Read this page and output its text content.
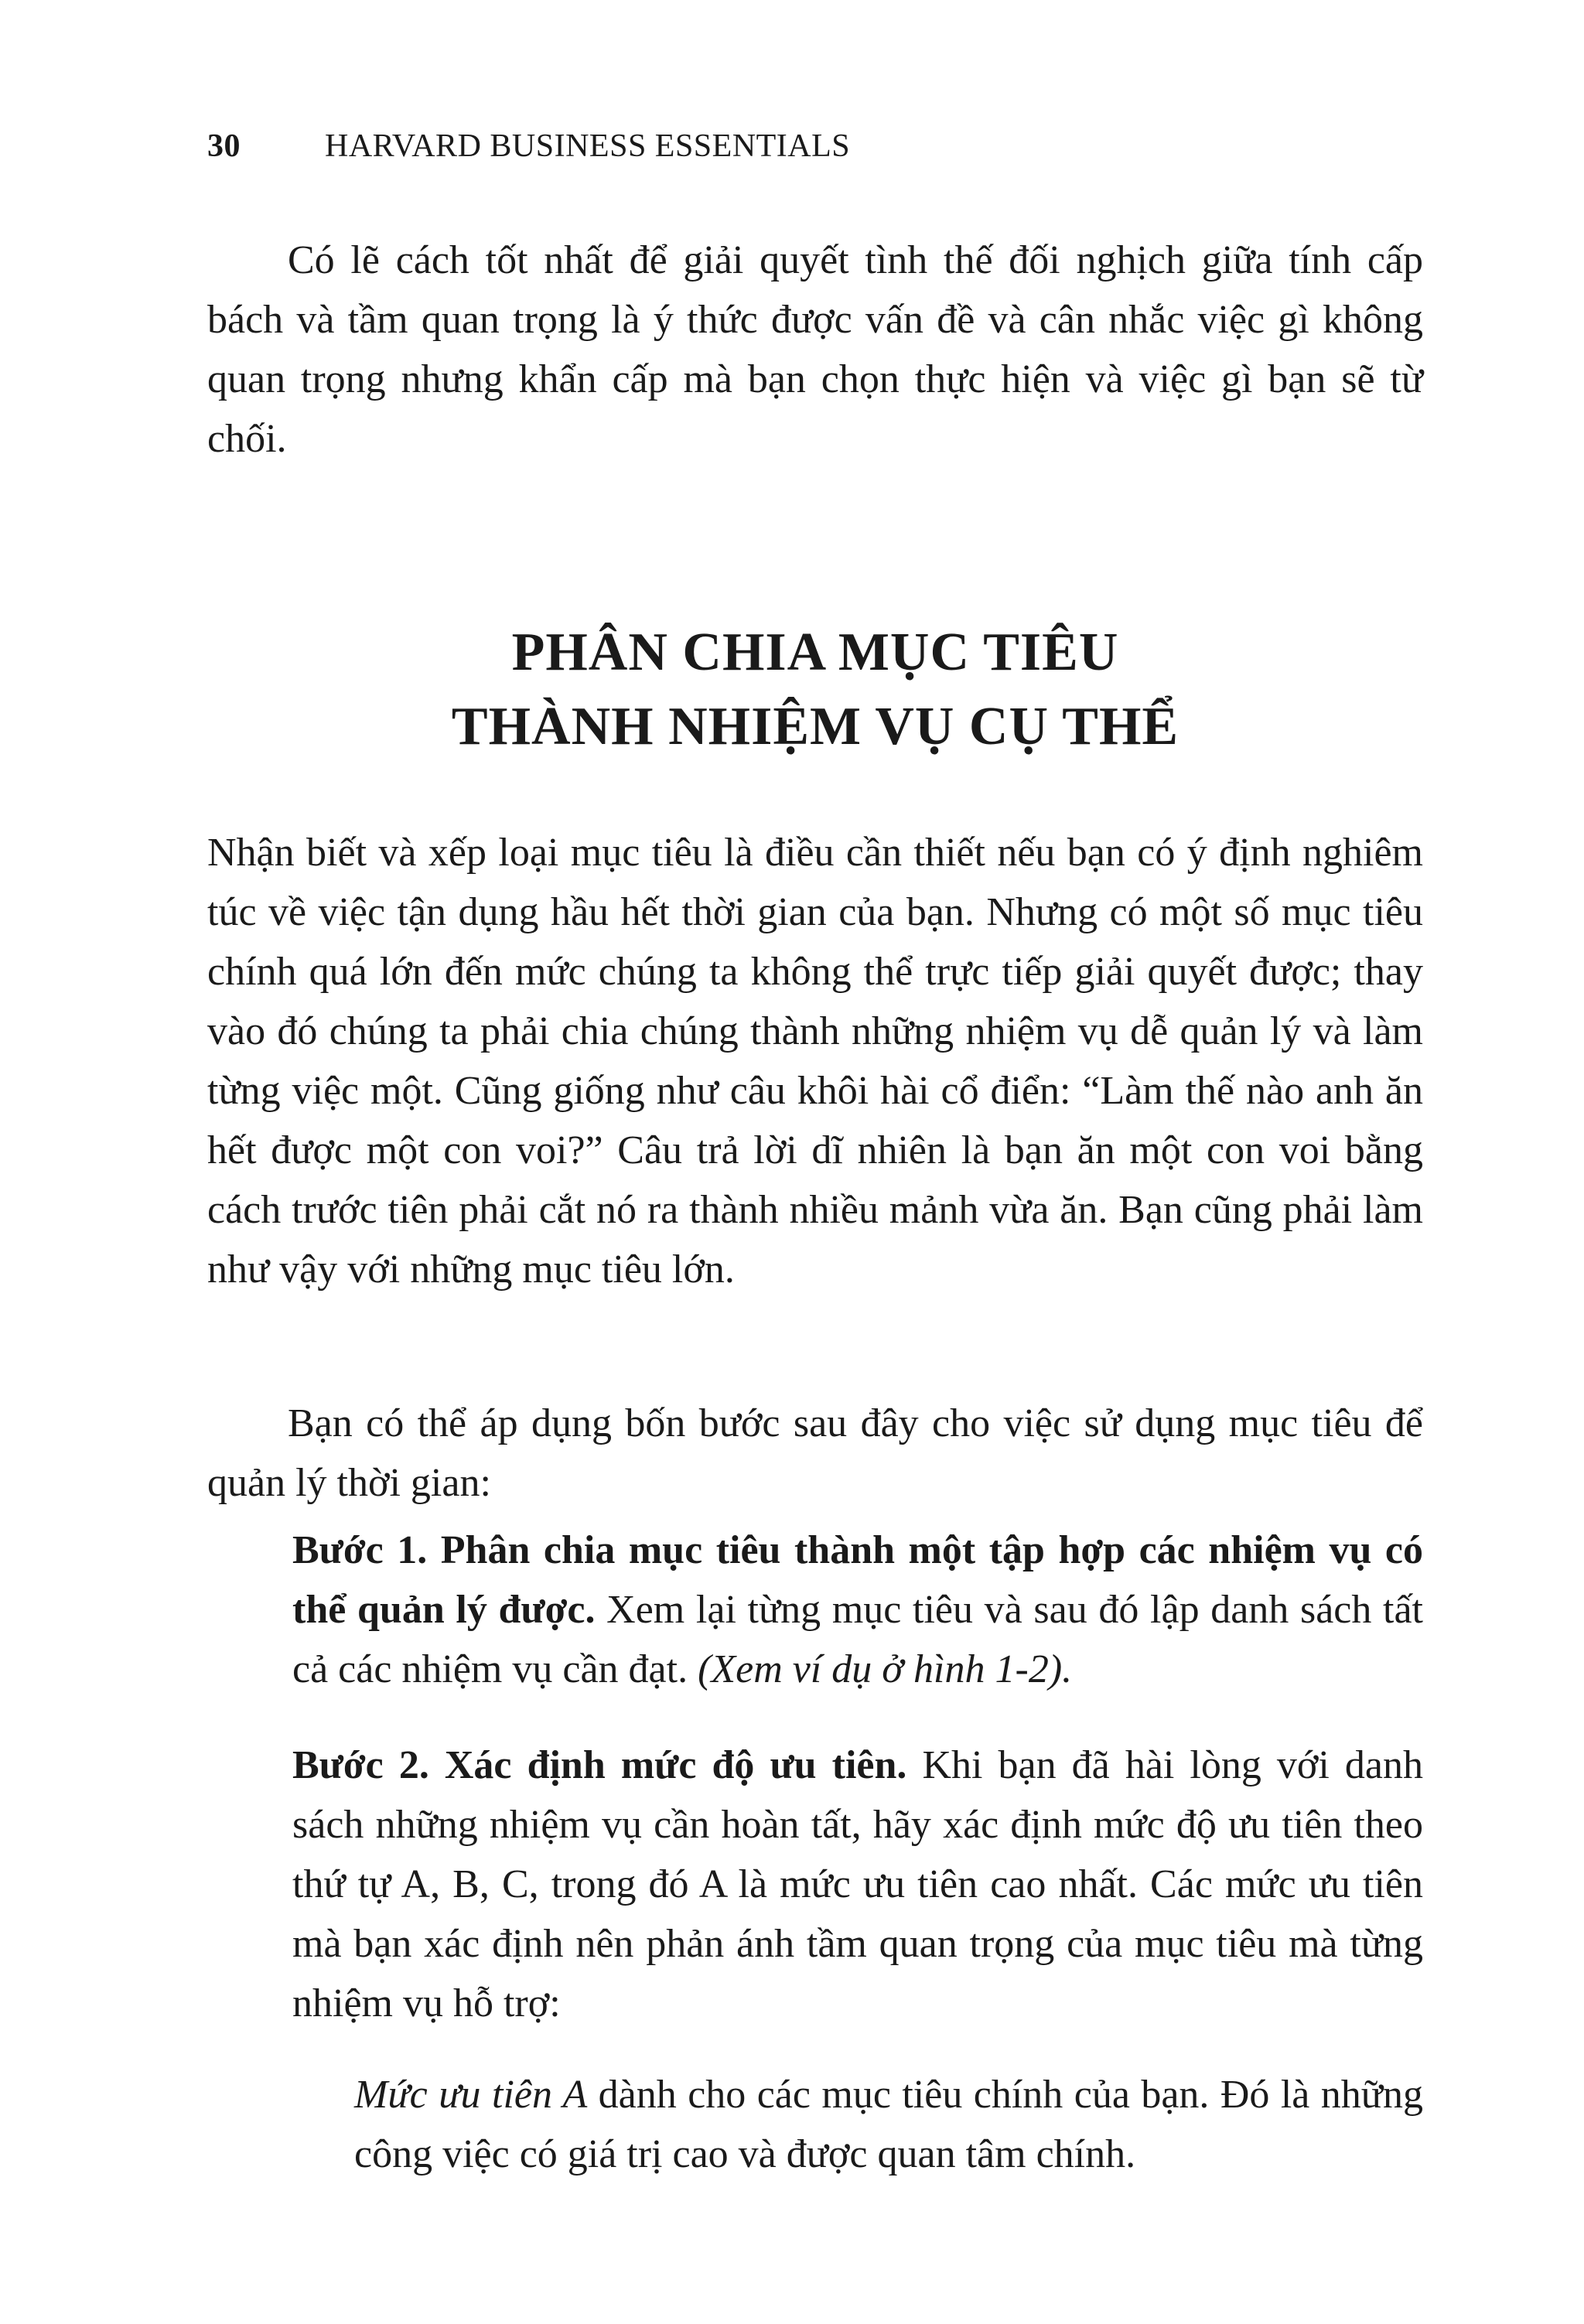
30	HARVARD BUSINESS ESSENTIALS

Có lẽ cách tốt nhất để giải quyết tình thế đối nghịch giữa tính cấp bách và tầm quan trọng là ý thức được vấn đề và cân nhắc việc gì không quan trọng nhưng khẩn cấp mà bạn chọn thực hiện và việc gì bạn sẽ từ chối.

PHÂN CHIA MỤC TIÊU
THÀNH NHIỆM VỤ CỤ THỂ

Nhận biết và xếp loại mục tiêu là điều cần thiết nếu bạn có ý định nghiêm túc về việc tận dụng hầu hết thời gian của bạn. Nhưng có một số mục tiêu chính quá lớn đến mức chúng ta không thể trực tiếp giải quyết được; thay vào đó chúng ta phải chia chúng thành những nhiệm vụ dễ quản lý và làm từng việc một. Cũng giống như câu khôi hài cổ điển: “Làm thế nào anh ăn hết được một con voi?” Câu trả lời dĩ nhiên là bạn ăn một con voi bằng cách trước tiên phải cắt nó ra thành nhiều mảnh vừa ăn. Bạn cũng phải làm như vậy với những mục tiêu lớn.

Bạn có thể áp dụng bốn bước sau đây cho việc sử dụng mục tiêu để quản lý thời gian:

Bước 1. Phân chia mục tiêu thành một tập hợp các nhiệm vụ có thể quản lý được. Xem lại từng mục tiêu và sau đó lập danh sách tất cả các nhiệm vụ cần đạt. (Xem ví dụ ở hình 1-2).

Bước 2. Xác định mức độ ưu tiên. Khi bạn đã hài lòng với danh sách những nhiệm vụ cần hoàn tất, hãy xác định mức độ ưu tiên theo thứ tự A, B, C, trong đó A là mức ưu tiên cao nhất. Các mức ưu tiên mà bạn xác định nên phản ánh tầm quan trọng của mục tiêu mà từng nhiệm vụ hỗ trợ:

Mức ưu tiên A dành cho các mục tiêu chính của bạn. Đó là những công việc có giá trị cao và được quan tâm chính.
